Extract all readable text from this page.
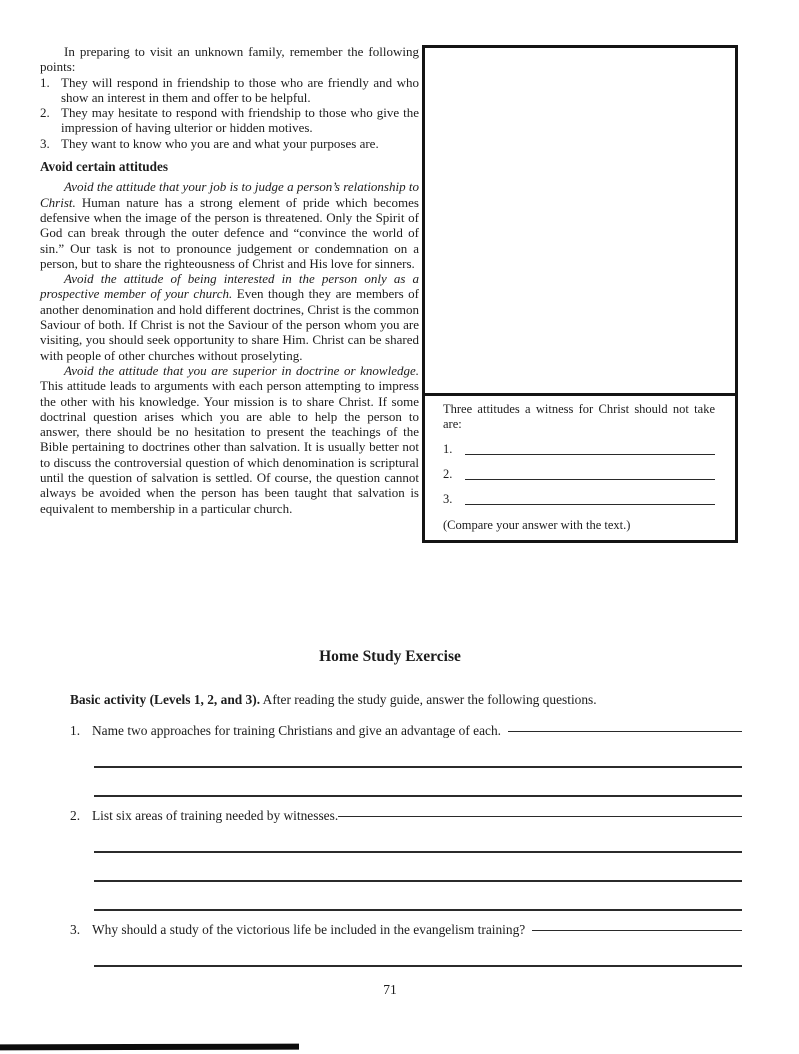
In preparing to visit an unknown family, remember the following points:

1. They will respond in friendship to those who are friendly and who show an interest in them and offer to be helpful.
2. They may hesitate to respond with friendship to those who give the impression of having ulterior or hidden motives.
3. They want to know who you are and what your purposes are.
Avoid certain attitudes

Avoid the attitude that your job is to judge a person’s relationship to Christ. Human nature has a strong element of pride which becomes defensive when the image of the person is threatened. Only the Spirit of God can break through the outer defence and “convince the world of sin.” Our task is not to pronounce judgement or condemnation on a person, but to share the righteousness of Christ and His love for sinners.

Avoid the attitude of being interested in the person only as a prospective member of your church. Even though they are members of another denomination and hold different doctrines, Christ is the common Saviour of both. If Christ is not the Saviour of the person whom you are visiting, you should seek opportunity to share Him. Christ can be shared with people of other churches without proselyting.

Avoid the attitude that you are superior in doctrine or knowledge. This attitude leads to arguments with each person attempting to impress the other with his knowledge. Your mission is to share Christ. If some doctrinal question arises which you are able to help the person to answer, there should be no hesitation to present the teachings of the Bible pertaining to doctrines other than salvation. It is usually better not to discuss the controversial question of which denomination is scriptural until the question of salvation is settled. Of course, the question cannot always be avoided when the person has been taught that salvation is equivalent to membership in a particular church.

Three attitudes a witness for Christ should not take are:

1.
2.
3.

(Compare your answer with the text.)

Home Study Exercise

Basic activity (Levels 1, 2, and 3). After reading the study guide, answer the following questions.

1. Name two approaches for training Christians and give an advantage of each.
2. List six areas of training needed by witnesses.
3. Why should a study of the victorious life be included in the evangelism training?
71
